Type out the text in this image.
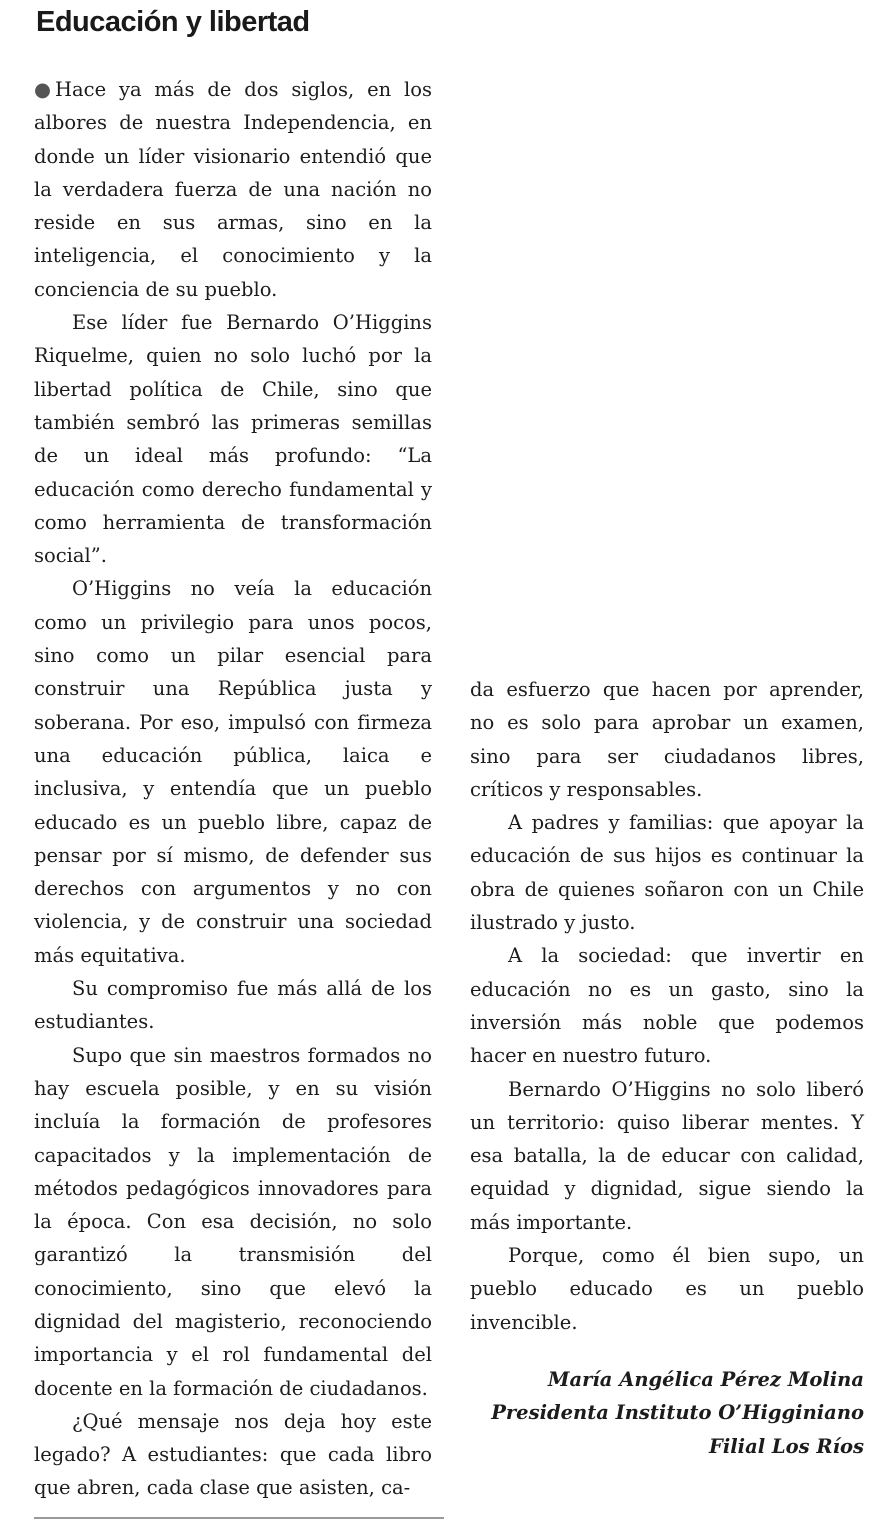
Educación y libertad

● Hace ya más de dos siglos, en los albores de nuestra Independencia, en donde un líder visionario entendió que la verdadera fuerza de una nación no reside en sus armas, sino en la inteligencia, el conocimiento y la conciencia de su pueblo.

Ese líder fue Bernardo O’Higgins Riquelme, quien no solo luchó por la libertad política de Chile, sino que también sembró las primeras semillas de un ideal más profundo: “La educación como derecho fundamental y como herramienta de transformación social”.

O’Higgins no veía la educación como un privilegio para unos pocos, sino como un pilar esencial para construir una República justa y soberana. Por eso, impulsó con firmeza una educación pública, laica e inclusiva, y entendía que un pueblo educado es un pueblo libre, capaz de pensar por sí mismo, de defender sus derechos con argumentos y no con violencia, y de construir una sociedad más equitativa.

Su compromiso fue más allá de los estudiantes.

Supo que sin maestros formados no hay escuela posible, y en su visión incluía la formación de profesores capacitados y la implementación de métodos pedagógicos innovadores para la época. Con esa decisión, no solo garantizó la transmisión del conocimiento, sino que elevó la dignidad del magisterio, reconociendo importancia y el rol fundamental del docente en la formación de ciudadanos.

¿Qué mensaje nos deja hoy este legado? A estudiantes: que cada libro que abren, cada clase que asisten, ca-

da esfuerzo que hacen por aprender, no es solo para aprobar un examen, sino para ser ciudadanos libres, críticos y responsables.

A padres y familias: que apoyar la educación de sus hijos es continuar la obra de quienes soñaron con un Chile ilustrado y justo.

A la sociedad: que invertir en educación no es un gasto, sino la inversión más noble que podemos hacer en nuestro futuro.

Bernardo O’Higgins no solo liberó un territorio: quiso liberar mentes. Y esa batalla, la de educar con calidad, equidad y dignidad, sigue siendo la más importante.

Porque, como él bien supo, un pueblo educado es un pueblo invencible.

María Angélica Pérez Molina
Presidenta Instituto O’Higginiano
Filial Los Ríos
